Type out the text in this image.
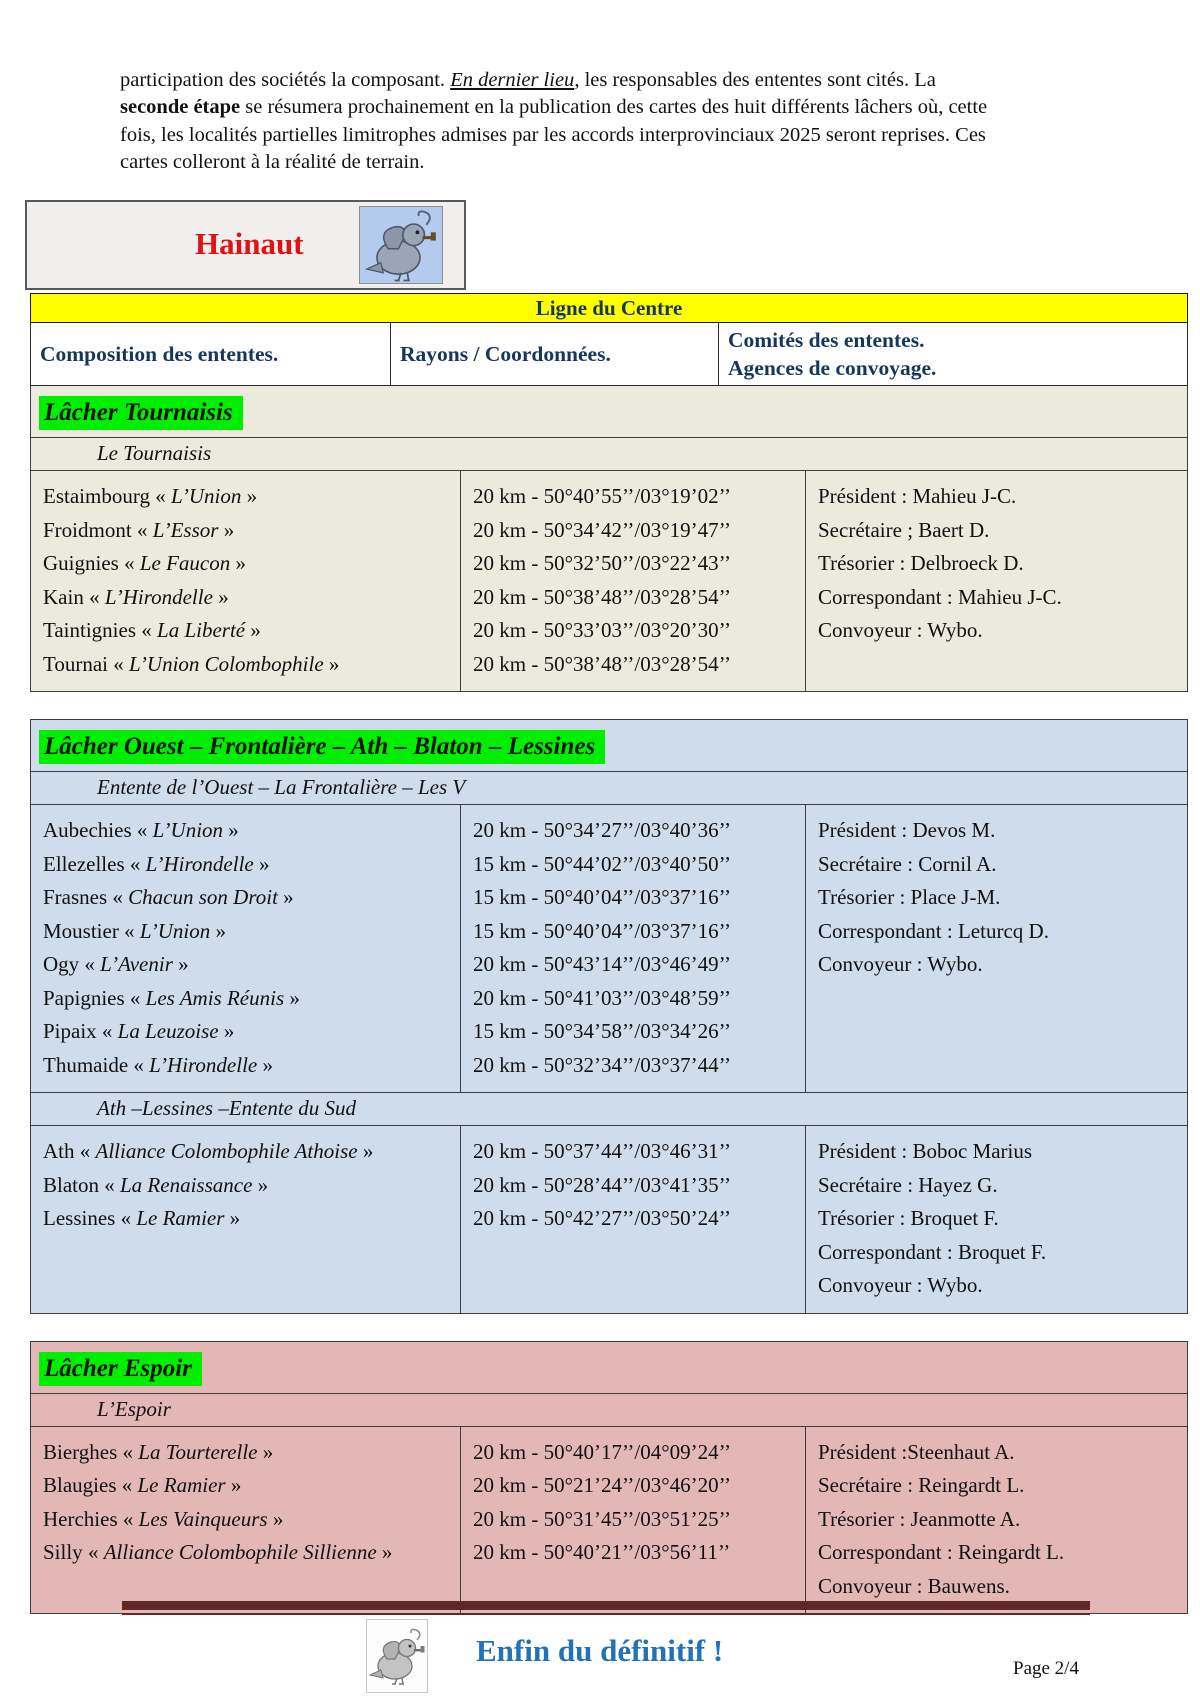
participation des sociétés la composant. En dernier lieu, les responsables des ententes sont cités. La seconde étape se résumera prochainement en la publication des cartes des huit différents lâchers où, cette fois, les localités partielles limitrophes admises par les accords interprovinciaux 2025 seront reprises. Ces cartes colleront à la réalité de terrain.

Hainaut
Ligne du Centre
Composition des ententes.	Rayons / Coordonnées.
Comités des ententes.
Agences de convoyage.
Lâcher Tournaisis
Le Tournaisis
Estaimbourg « L’Union »
Froidmont « L’Essor »
Guignies « Le Faucon »
Kain « L’Hirondelle »
Taintignies « La Liberté »
Tournai « L’Union Colombophile »
20 km - 50°40’55’’/03°19’02’’
20 km - 50°34’42’’/03°19’47’’
20 km - 50°32’50’’/03°22’43’’
20 km - 50°38’48’’/03°28’54’’
20 km - 50°33’03’’/03°20’30’’
20 km - 50°38’48’’/03°28’54’’
Président : Mahieu J-C.
Secrétaire ; Baert D.
Trésorier : Delbroeck D.
Correspondant : Mahieu J-C.
Convoyeur : Wybo.
Lâcher Ouest – Frontalière – Ath – Blaton – Lessines
Entente de l’Ouest – La Frontalière – Les V
Aubechies « L’Union »
Ellezelles « L’Hirondelle »
Frasnes « Chacun son Droit »
Moustier « L’Union »
Ogy « L’Avenir »
Papignies « Les Amis Réunis »
Pipaix « La Leuzoise »
Thumaide « L’Hirondelle »
20 km - 50°34’27’’/03°40’36’’
15 km - 50°44’02’’/03°40’50’’
15 km - 50°40’04’’/03°37’16’’
15 km - 50°40’04’’/03°37’16’’
20 km - 50°43’14’’/03°46’49’’
20 km - 50°41’03’’/03°48’59’’
15 km - 50°34’58’’/03°34’26’’
20 km - 50°32’34’’/03°37’44’’
Président : Devos M.
Secrétaire : Cornil A.
Trésorier : Place J-M.
Correspondant : Leturcq D.
Convoyeur : Wybo.
Ath –Lessines –Entente du Sud
Ath « Alliance Colombophile Athoise »
Blaton « La Renaissance »
Lessines « Le Ramier »
20 km - 50°37’44’’/03°46’31’’
20 km - 50°28’44’’/03°41’35’’
20 km - 50°42’27’’/03°50’24’’
Président : Boboc Marius
Secrétaire : Hayez G.
Trésorier : Broquet F.
Correspondant : Broquet F.
Convoyeur : Wybo.
Lâcher Espoir
L’Espoir
Bierghes « La Tourterelle »
Blaugies « Le Ramier »
Herchies « Les Vainqueurs »
Silly « Alliance Colombophile Sillienne »
20 km - 50°40’17’’/04°09’24’’
20 km - 50°21’24’’/03°46’20’’
20 km - 50°31’45’’/03°51’25’’
20 km - 50°40’21’’/03°56’11’’
Président :Steenhaut A.
Secrétaire : Reingardt L.
Trésorier : Jeanmotte A.
Correspondant : Reingardt L.
Convoyeur : Bauwens.
Enfin du définitif !
Page 2/4
